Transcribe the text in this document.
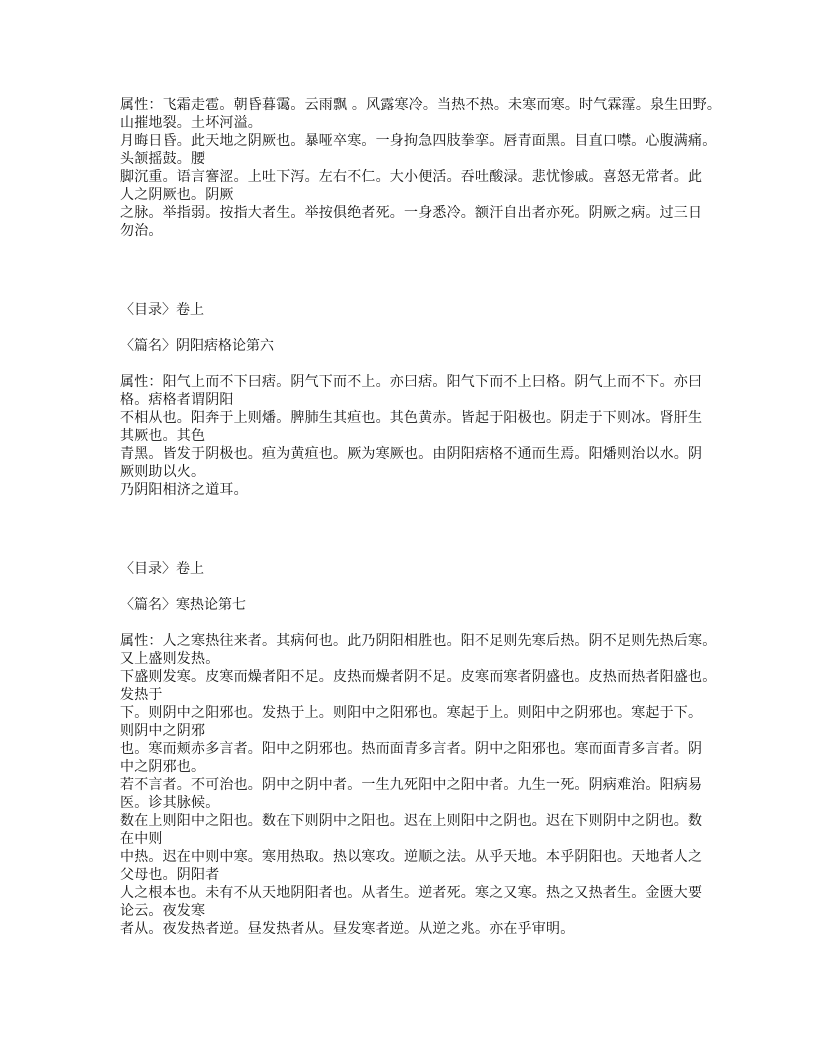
属性：飞霜走雹。朝昏暮霭。云雨飘 。风露寒冷。当热不热。未寒而寒。时气霖霪。泉生田野。
山摧地裂。土坏河溢。
月晦日昏。此天地之阴厥也。暴哑卒寒。一身拘急四肢拳挛。唇青面黑。目直口噤。心腹满痛。
头颔摇鼓。腰
脚沉重。语言謇涩。上吐下泻。左右不仁。大小便活。吞吐酸渌。悲忧惨戚。喜怒无常者。此
人之阴厥也。阴厥
之脉。举指弱。按指大者生。举按俱绝者死。一身悉冷。额汗自出者亦死。阴厥之病。过三日
勿治。
〈目录〉卷上
〈篇名〉阴阳痞格论第六
属性：阳气上而不下曰痞。阴气下而不上。亦曰痞。阳气下而不上曰格。阴气上而不下。亦曰
格。痞格者谓阴阳
不相从也。阳奔于上则燔。脾肺生其疸也。其色黄赤。皆起于阳极也。阴走于下则冰。肾肝生
其厥也。其色
青黑。皆发于阴极也。疸为黄疸也。厥为寒厥也。由阴阳痞格不通而生焉。阳燔则治以水。阴
厥则助以火。
乃阴阳相济之道耳。
〈目录〉卷上
〈篇名〉寒热论第七
属性：人之寒热往来者。其病何也。此乃阴阳相胜也。阳不足则先寒后热。阴不足则先热后寒。
又上盛则发热。
下盛则发寒。皮寒而燥者阳不足。皮热而燥者阴不足。皮寒而寒者阴盛也。皮热而热者阳盛也。
发热于
下。则阴中之阳邪也。发热于上。则阳中之阳邪也。寒起于上。则阳中之阴邪也。寒起于下。
则阴中之阴邪
也。寒而颊赤多言者。阳中之阴邪也。热而面青多言者。阴中之阳邪也。寒而面青多言者。阴
中之阴邪也。
若不言者。不可治也。阴中之阴中者。一生九死阳中之阳中者。九生一死。阴病难治。阳病易
医。诊其脉候。
数在上则阳中之阳也。数在下则阴中之阳也。迟在上则阳中之阴也。迟在下则阴中之阴也。数
在中则
中热。迟在中则中寒。寒用热取。热以寒攻。逆顺之法。从乎天地。本乎阴阳也。天地者人之
父母也。阴阳者
人之根本也。未有不从天地阴阳者也。从者生。逆者死。寒之又寒。热之又热者生。金匮大要
论云。夜发寒
者从。夜发热者逆。昼发热者从。昼发寒者逆。从逆之兆。亦在乎审明。
